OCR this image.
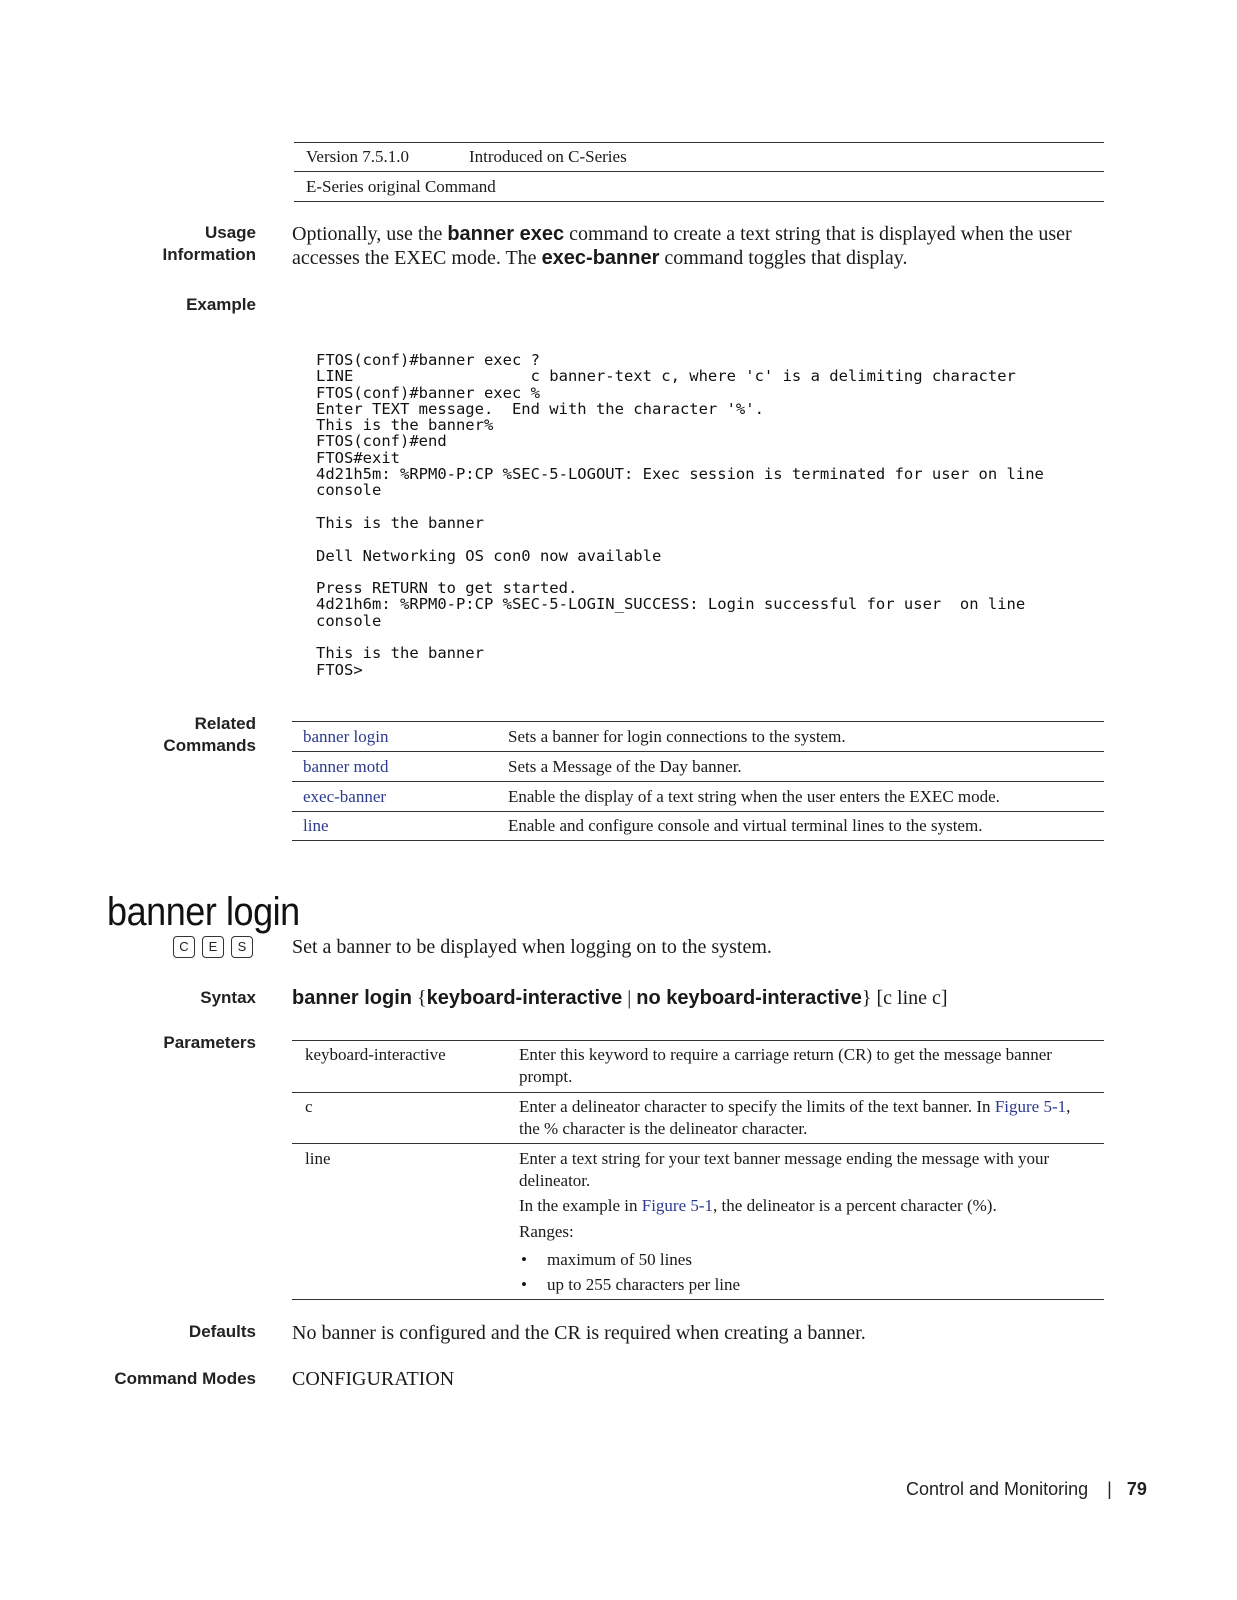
Version 7.5.1.0	Introduced on C-Series
E-Series original Command
Usage
Information
Optionally, use the banner exec command to create a text string that is displayed when the user
accesses the EXEC mode. The exec-banner command toggles that display.
Example
FTOS(conf)#banner exec ?
LINE                   c banner-text c, where 'c' is a delimiting character
FTOS(conf)#banner exec %
Enter TEXT message.  End with the character '%'.
This is the banner%
FTOS(conf)#end
FTOS#exit
4d21h5m: %RPM0-P:CP %SEC-5-LOGOUT: Exec session is terminated for user on line
console
This is the banner
Dell Networking OS con0 now available
Press RETURN to get started.
4d21h6m: %RPM0-P:CP %SEC-5-LOGIN_SUCCESS: Login successful for user  on line
console
This is the banner
FTOS>
Related
Commands	banner login	Sets a banner for login connections to the system.
banner motd	Sets a Message of the Day banner.
exec-banner	Enable the display of a text string when the user enters the EXEC mode.
line	Enable and configure console and virtual terminal lines to the system.
banner login
C E S	Set a banner to be displayed when logging on to the system.
Syntax banner login {keyboard-interactive | no keyboard-interactive} [c line c]
Parameters
keyboard-interactive	Enter this keyword to require a carriage return (CR) to get the message banner
prompt.
c	Enter a delineator character to specify the limits of the text banner. In Figure 5-1,
the % character is the delineator character.
line	Enter a text string for your text banner message ending the message with your
delineator.
In the example in Figure 5-1, the delineator is a percent character (%).
Ranges:
• maximum of 50 lines
• up to 255 characters per line
Defaults No banner is configured and the CR is required when creating a banner.
Command Modes CONFIGURATION
Control and Monitoring | 79
